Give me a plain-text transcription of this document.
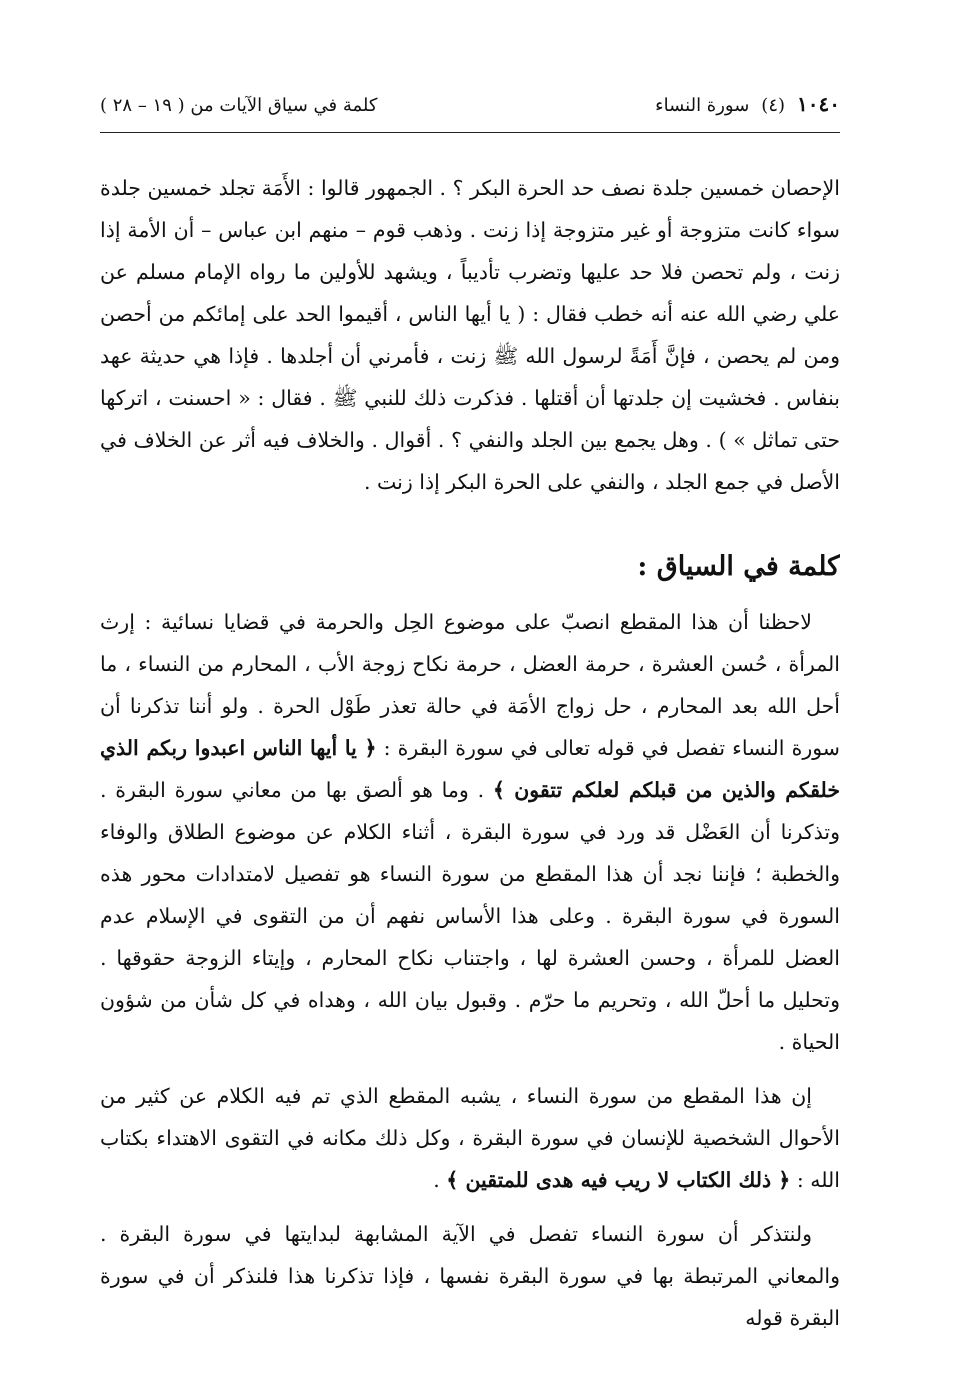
١٠٤٠
(٤)
سورة النساء
كلمة في سياق الآيات من ( ١٩ – ٢٨ )

الإحصان خمسين جلدة نصف حد الحرة البكر ؟ . الجمهور قالوا : الأَمَة تجلد خمسين جلدة سواء كانت متزوجة أو غير متزوجة إذا زنت . وذهب قوم – منهم ابن عباس – أن الأمة إذا زنت ، ولم تحصن فلا حد عليها وتضرب تأديباً ، ويشهد للأولين ما رواه الإمام مسلم عن علي رضي الله عنه أنه خطب فقال : ( يا أيها الناس ، أقيموا الحد على إمائكم من أحصن ومن لم يحصن ، فإنَّ أَمَةً لرسول الله ﷺ زنت ، فأمرني أن أجلدها . فإذا هي حديثة عهد بنفاس . فخشيت إن جلدتها أن أقتلها . فذكرت ذلك للنبي ﷺ . فقال : « احسنت ، اتركها حتى تماثل » ) . وهل يجمع بين الجلد والنفي ؟ . أقوال . والخلاف فيه أثر عن الخلاف في الأصل في جمع الجلد ، والنفي على الحرة البكر إذا زنت .

كلمة في السياق :

لاحظنا أن هذا المقطع انصبّ على موضوع الحِل والحرمة في قضايا نسائية : إرث المرأة ، حُسن العشرة ، حرمة العضل ، حرمة نكاح زوجة الأب ، المحارم من النساء ، ما أحل الله بعد المحارم ، حل زواج الأمَة في حالة تعذر طَوْل الحرة . ولو أننا تذكرنا أن سورة النساء تفصل في قوله تعالى في سورة البقرة : ﴿ يا أيها الناس اعبدوا ربكم الذي خلقكم والذين من قبلكم لعلكم تتقون ﴾ . وما هو ألصق بها من معاني سورة البقرة . وتذكرنا أن العَضْل قد ورد في سورة البقرة ، أثناء الكلام عن موضوع الطلاق والوفاء والخطبة ؛ فإننا نجد أن هذا المقطع من سورة النساء هو تفصيل لامتدادات محور هذه السورة في سورة البقرة . وعلى هذا الأساس نفهم أن من التقوى في الإسلام عدم العضل للمرأة ، وحسن العشرة لها ، واجتناب نكاح المحارم ، وإيتاء الزوجة حقوقها . وتحليل ما أحلّ الله ، وتحريم ما حرّم . وقبول بيان الله ، وهداه في كل شأن من شؤون الحياة .

إن هذا المقطع من سورة النساء ، يشبه المقطع الذي تم فيه الكلام عن كثير من الأحوال الشخصية للإنسان في سورة البقرة ، وكل ذلك مكانه في التقوى الاهتداء بكتاب الله : ﴿ ذلك الكتاب لا ريب فيه هدى للمتقين ﴾ .

ولنتذكر أن سورة النساء تفصل في الآية المشابهة لبدايتها في سورة البقرة . والمعاني المرتبطة بها في سورة البقرة نفسها ، فإذا تذكرنا هذا فلنذكر أن في سورة البقرة قوله
